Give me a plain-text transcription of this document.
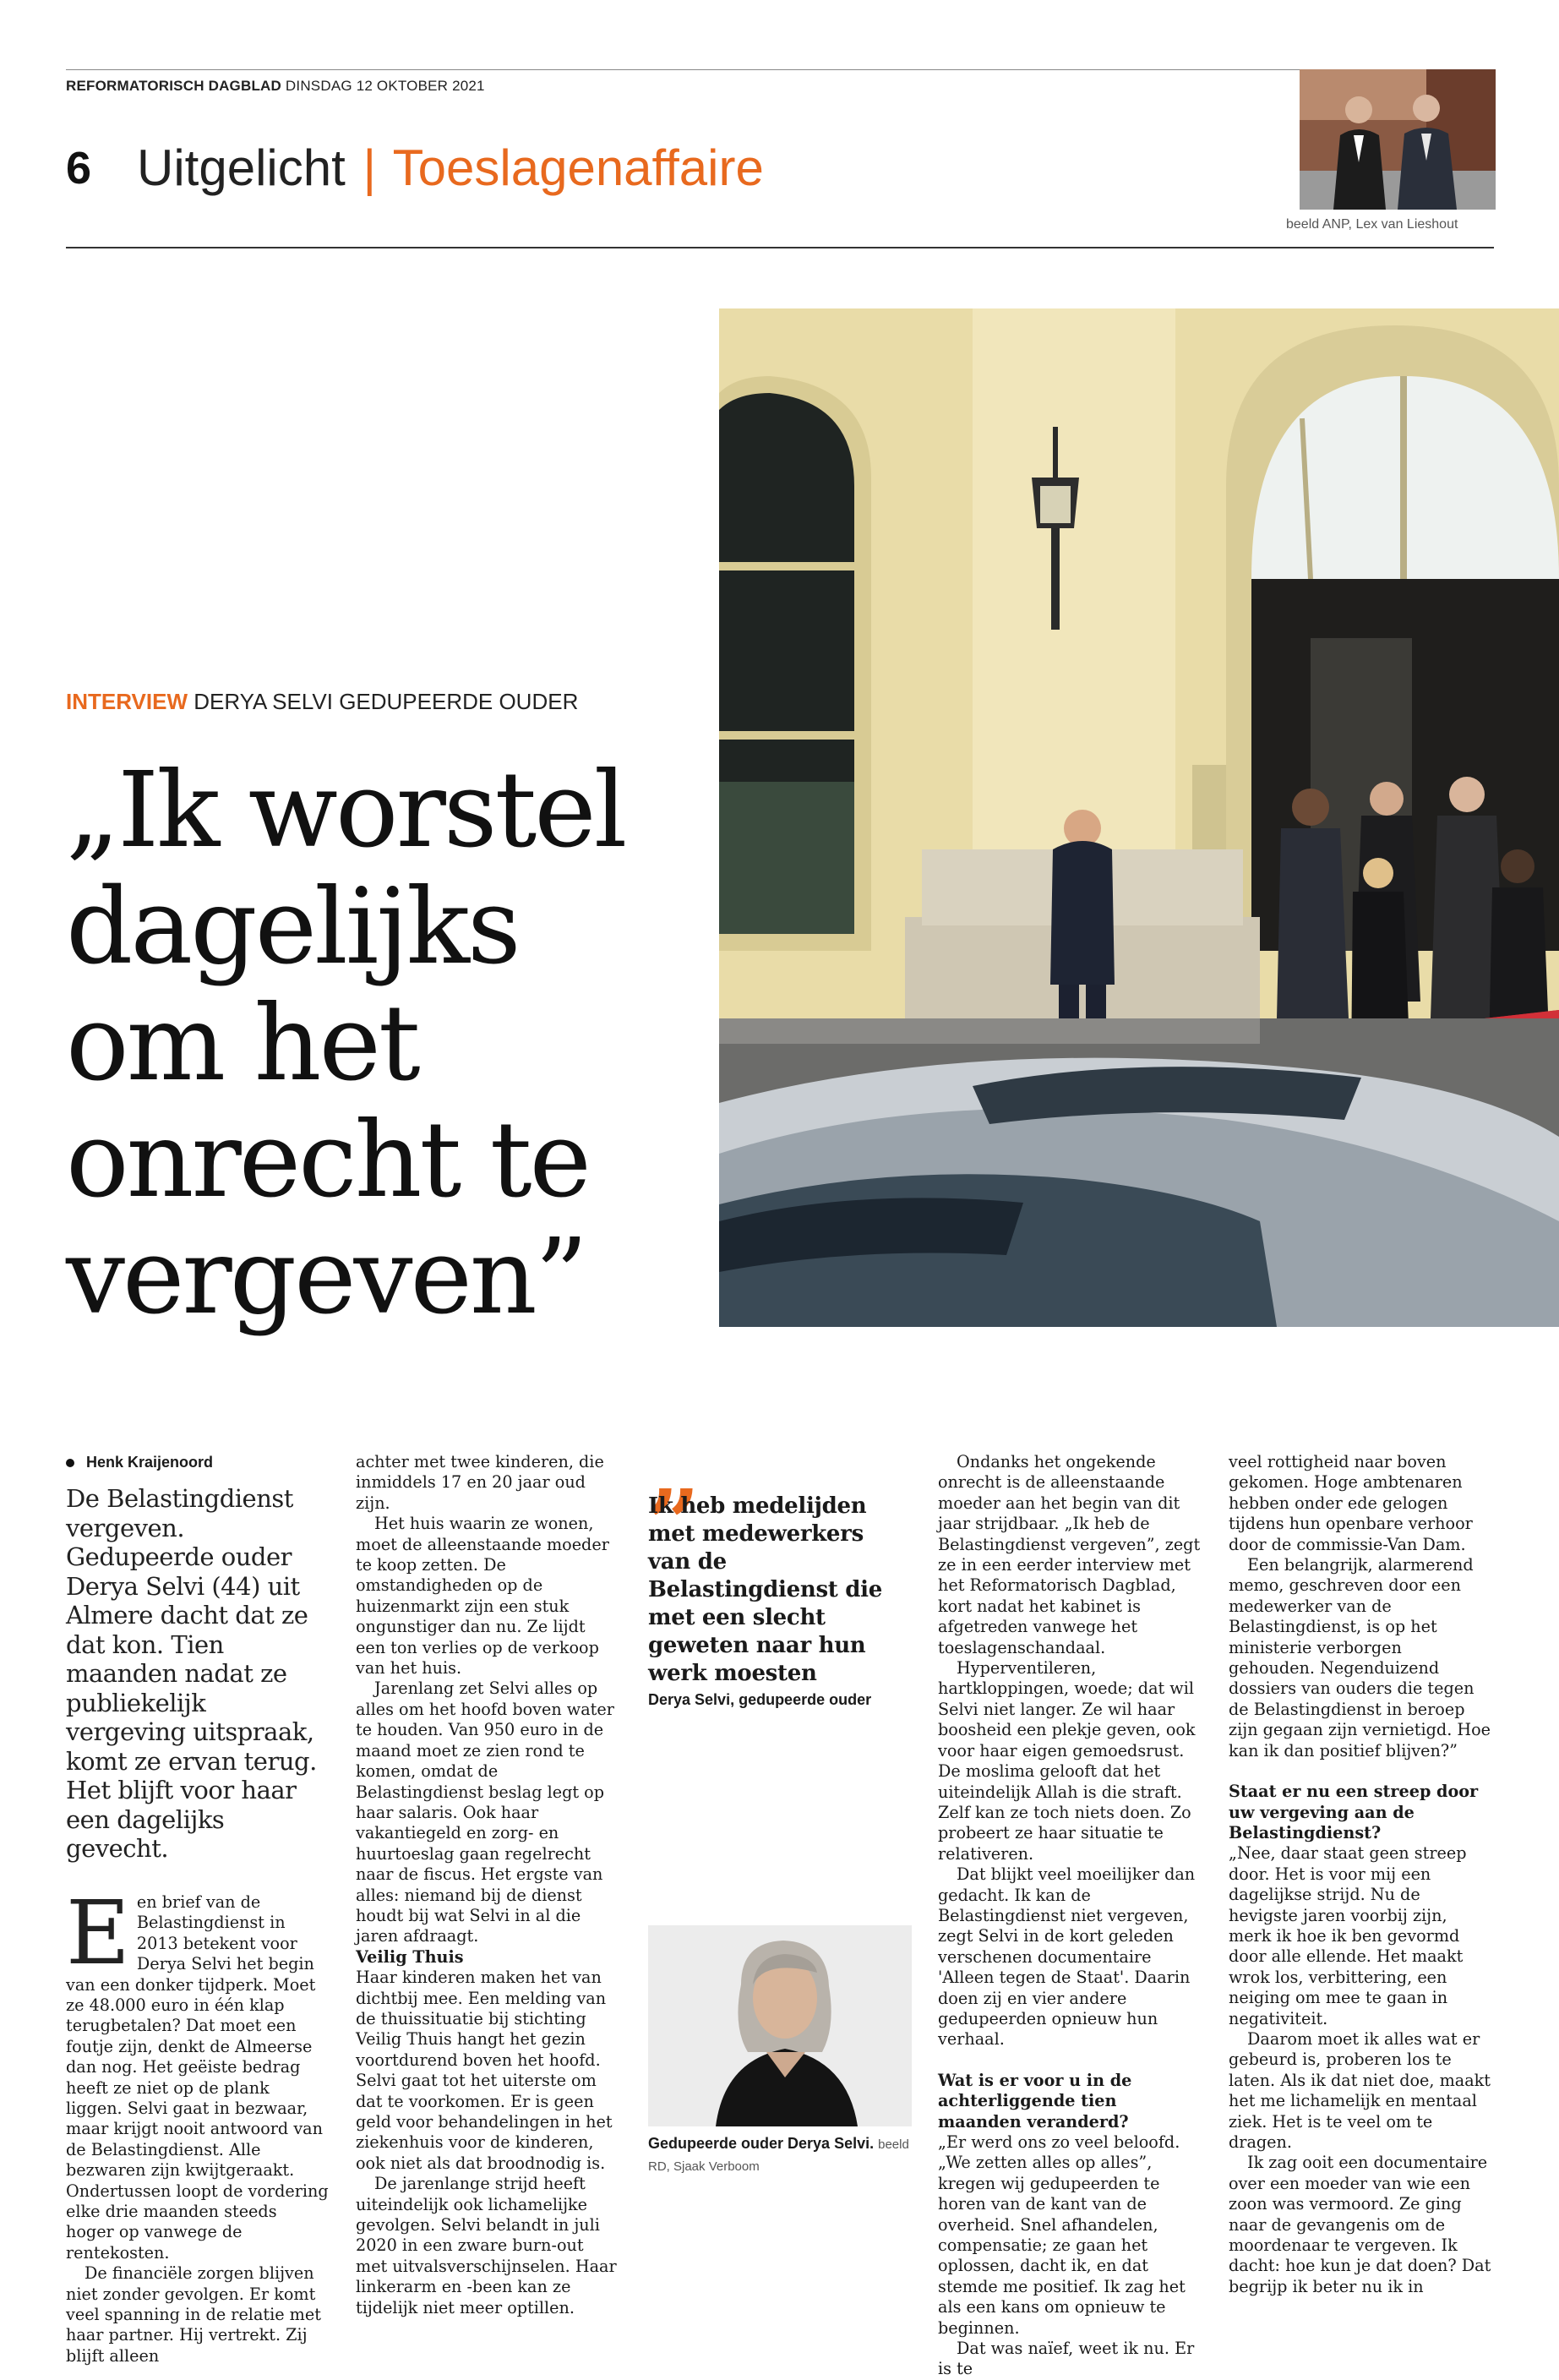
REFORMATORISCH DAGBLAD DINSDAG 12 OKTOBER 2021
6 Uitgelicht | Toeslagenaffaire
beeld ANP, Lex van Lieshout
INTERVIEW DERYA SELVI GEDUPEERDE OUDER
„Ik worstel
dagelijks
om het
onrecht te
vergeven”
Henk Kraijenoord
De Belastingdienst vergeven. Gedupeerde ouder Derya Selvi (44) uit Almere dacht dat ze dat kon. Tien maanden nadat ze publiekelijk vergeving uitspraak, komt ze ervan terug. Het blijft voor haar een dagelijks gevecht.

Een brief van de Belastingdienst in 2013 betekent voor Derya Selvi het begin van een donker tijdperk. Moet ze 48.000 euro in één klap terugbetalen? Dat moet een foutje zijn, denkt de Almeerse dan nog. Het geëiste bedrag heeft ze niet op de plank liggen. Selvi gaat in bezwaar, maar krijgt nooit antwoord van de Belastingdienst. Alle bezwaren zijn kwijtgeraakt. Ondertussen loopt de vordering elke drie maanden steeds hoger op vanwege de rentekosten.

De financiële zorgen blijven niet zonder gevolgen. Er komt veel spanning in de relatie met haar partner. Hij vertrekt. Zij blijft alleen

achter met twee kinderen, die inmiddels 17 en 20 jaar oud zijn.

Het huis waarin ze wonen, moet de alleenstaande moeder te koop zetten. De omstandigheden op de huizenmarkt zijn een stuk ongunstiger dan nu. Ze lijdt een ton verlies op de verkoop van het huis.

Jarenlang zet Selvi alles op alles om het hoofd boven water te houden. Van 950 euro in de maand moet ze zien rond te komen, omdat de Belastingdienst beslag legt op haar salaris. Ook haar vakantiegeld en zorg- en huurtoeslag gaan regelrecht naar de fiscus. Het ergste van alles: niemand bij de dienst houdt bij wat Selvi in al die jaren afdraagt.

Veilig Thuis

Haar kinderen maken het van dichtbij mee. Een melding van de thuissituatie bij stichting Veilig Thuis hangt het gezin voortdurend boven het hoofd. Selvi gaat tot het uiterste om dat te voorkomen. Er is geen geld voor behandelingen in het ziekenhuis voor de kinderen, ook niet als dat broodnodig is.

De jarenlange strijd heeft uiteindelijk ook lichamelijke gevolgen. Selvi belandt in juli 2020 in een zware burn-out met uitvalsverschijnselen. Haar linkerarm en -been kan ze tijdelijk niet meer optillen.

„
Ik heb medelijden met medewerkers van de Belastingdienst die met een slecht geweten naar hun werk moesten
Derya Selvi, gedupeerde ouder
Gedupeerde ouder Derya Selvi. beeld RD, Sjaak Verboom

Ondanks het ongekende onrecht is de alleenstaande moeder aan het begin van dit jaar strijdbaar. „Ik heb de Belastingdienst vergeven”, zegt ze in een eerder interview met het Reformatorisch Dagblad, kort nadat het kabinet is afgetreden vanwege het toeslagenschandaal.

Hyperventileren, hartkloppingen, woede; dat wil Selvi niet langer. Ze wil haar boosheid een plekje geven, ook voor haar eigen gemoedsrust. De moslima gelooft dat het uiteindelijk Allah is die straft. Zelf kan ze toch niets doen. Zo probeert ze haar situatie te relativeren.

Dat blijkt veel moeilijker dan gedacht. Ik kan de Belastingdienst niet vergeven, zegt Selvi in de kort geleden verschenen documentaire 'Alleen tegen de Staat'. Daarin doen zij en vier andere gedupeerden opnieuw hun verhaal.

Wat is er voor u in de achterliggende tien maanden veranderd?

„Er werd ons zo veel beloofd. „We zetten alles op alles”, kregen wij gedupeerden te horen van de kant van de overheid. Snel afhandelen, compensatie; ze gaan het oplossen, dacht ik, en dat stemde me positief. Ik zag het als een kans om opnieuw te beginnen.

Dat was naïef, weet ik nu. Er is te

veel rottigheid naar boven gekomen. Hoge ambtenaren hebben onder ede gelogen tijdens hun openbare verhoor door de commissie-Van Dam.

Een belangrijk, alarmerend memo, geschreven door een medewerker van de Belastingdienst, is op het ministerie verborgen gehouden. Negenduizend dossiers van ouders die tegen de Belastingdienst in beroep zijn gegaan zijn vernietigd. Hoe kan ik dan positief blijven?”

Staat er nu een streep door uw vergeving aan de Belastingdienst?

„Nee, daar staat geen streep door. Het is voor mij een dagelijkse strijd. Nu de hevigste jaren voorbij zijn, merk ik hoe ik ben gevormd door alle ellende. Het maakt wrok los, verbittering, een neiging om mee te gaan in negativiteit.

Daarom moet ik alles wat er gebeurd is, proberen los te laten. Als ik dat niet doe, maakt het me lichamelijk en mentaal ziek. Het is te veel om te dragen.

Ik zag ooit een documentaire over een moeder van wie een zoon was vermoord. Ze ging naar de gevangenis om de moordenaar te vergeven. Ik dacht: hoe kun je dat doen? Dat begrijp ik beter nu ik in
